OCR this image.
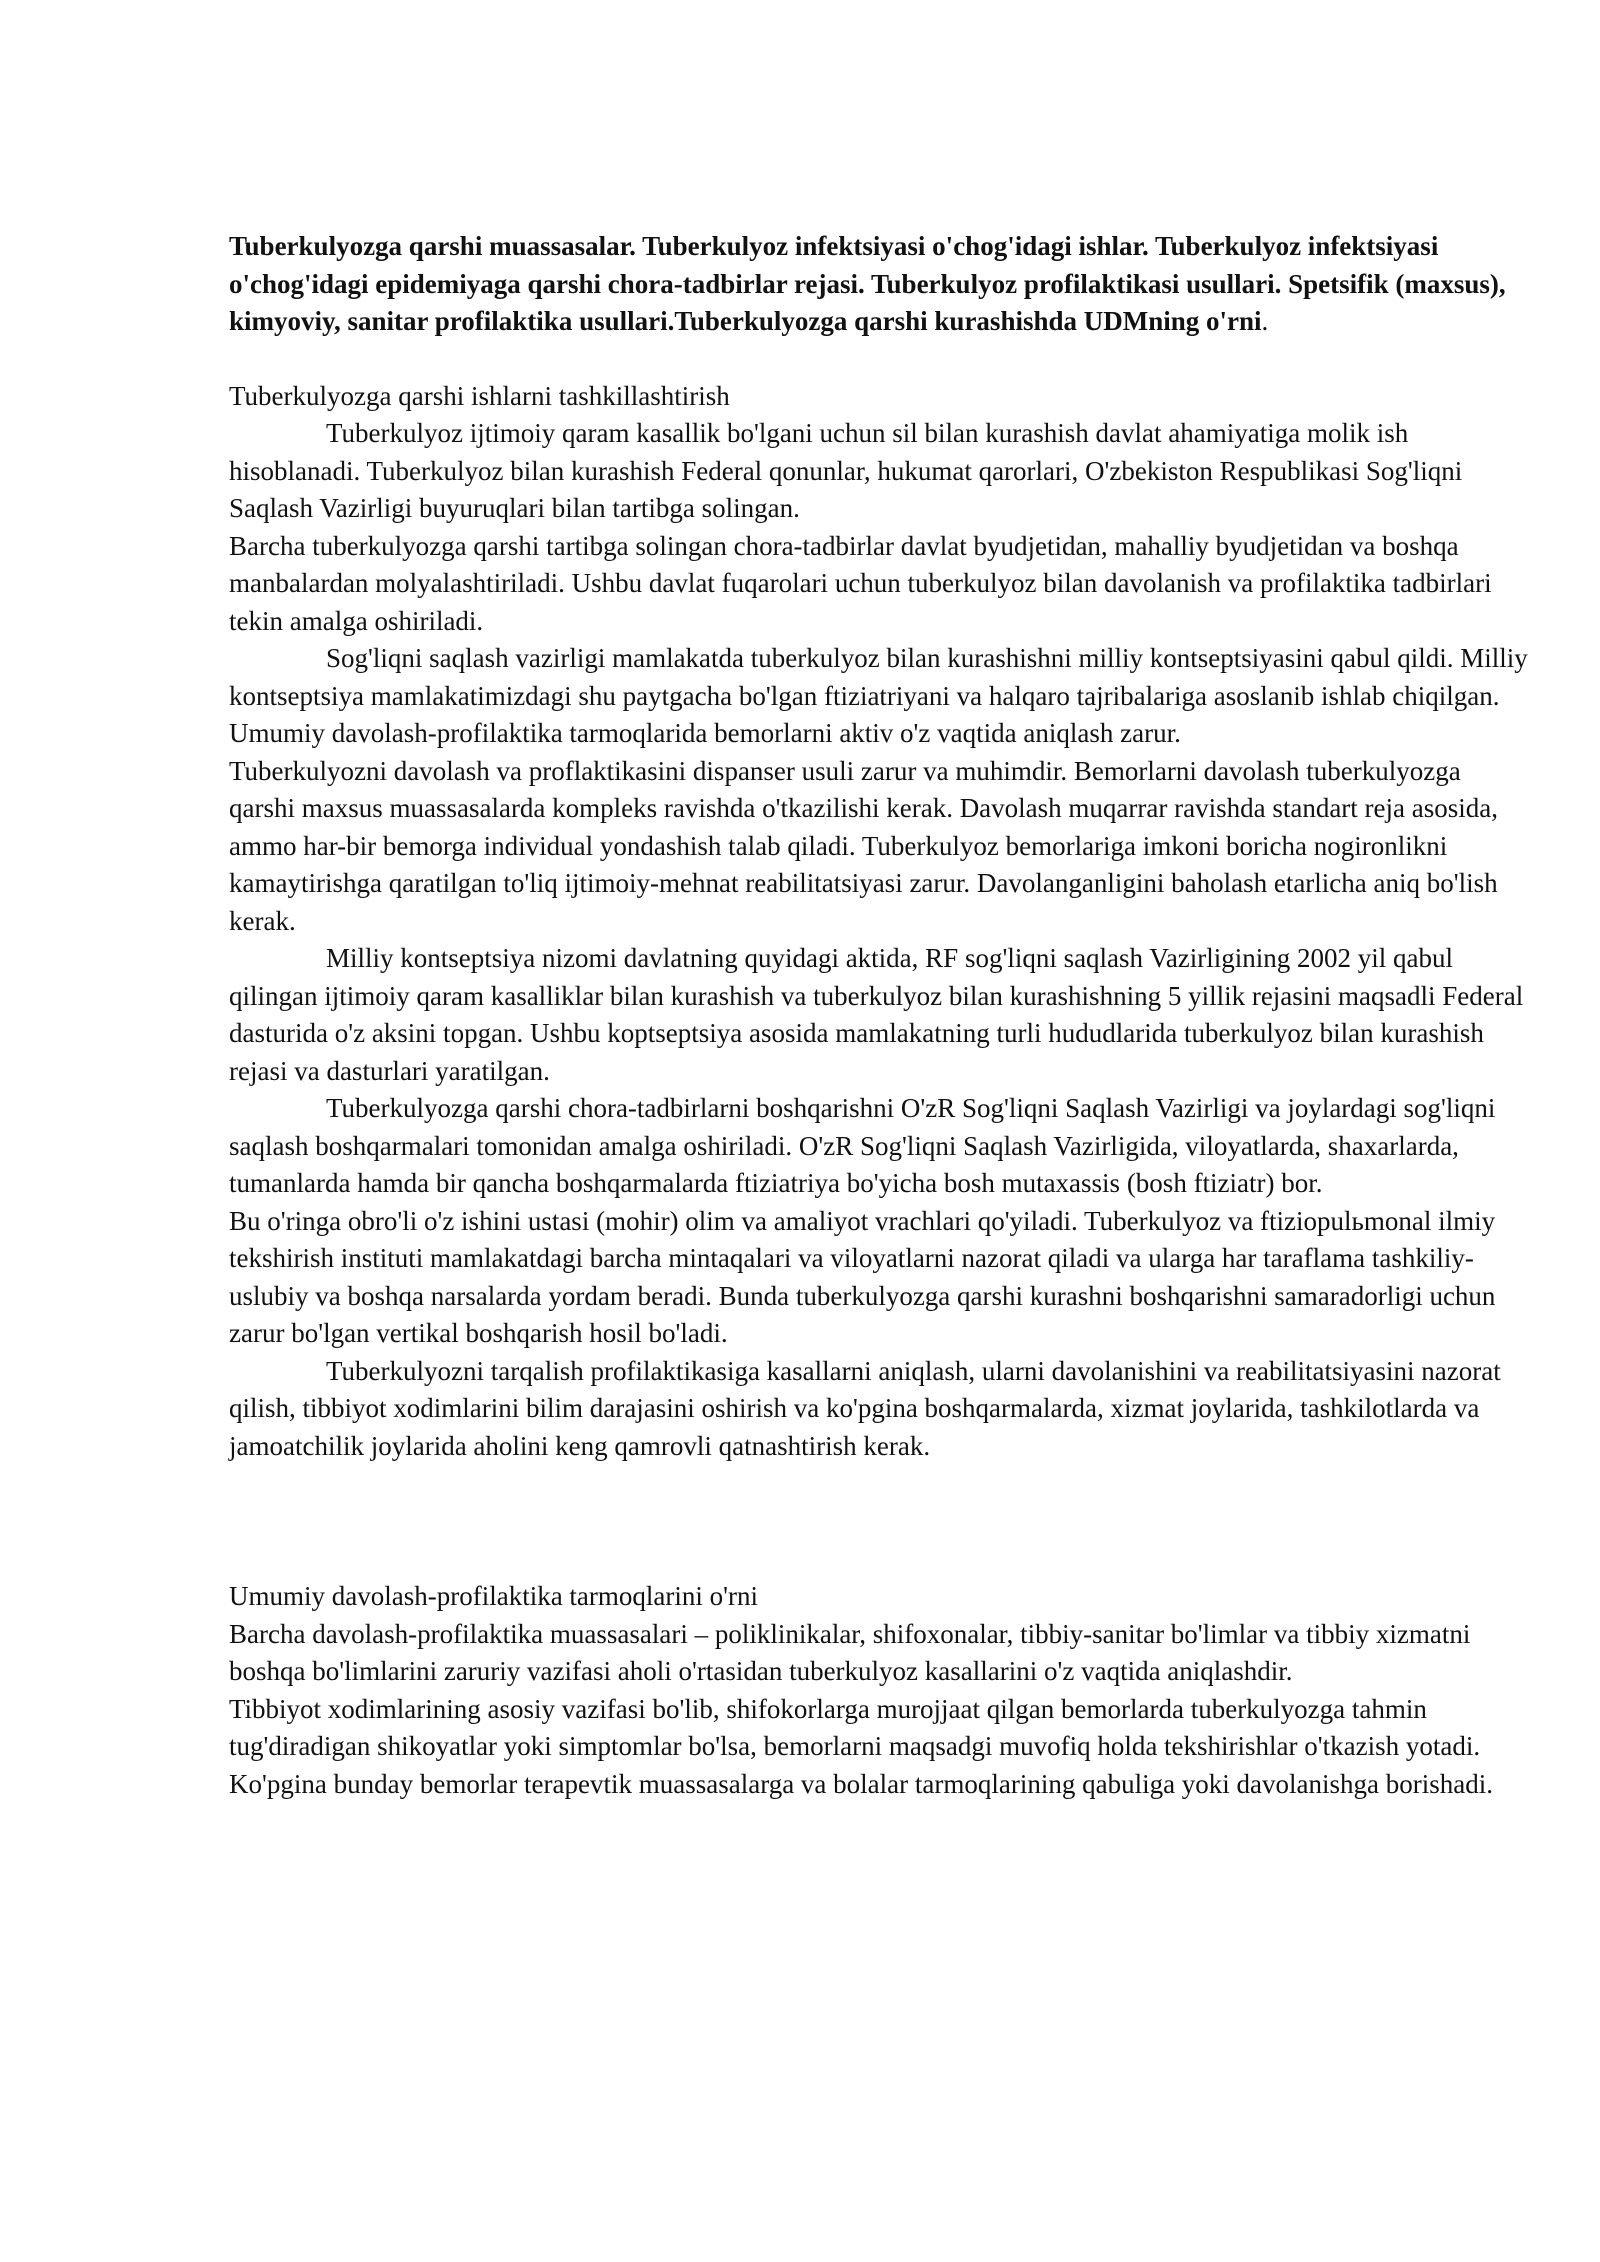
Tuberkulyozga qarshi muassasalar. Tuberkulyoz infektsiyasi o'chog'idagi ishlar. Tuberkulyoz infektsiyasi o'chog'idagi epidemiyaga qarshi chora-tadbirlar rejasi. Tuberkulyoz profilaktikasi usullari. Spetsifik (maxsus), kimyoviy, sanitar profilaktika usullari.Tuberkulyozga qarshi kurashishda UDMning o'rni.

Tuberkulyozga qarshi ishlarni tashkillashtirish

Tuberkulyoz ijtimoiy qaram kasallik bo'lgani uchun sil bilan kurashish davlat ahamiyatiga molik ish hisoblanadi. Tuberkulyoz bilan kurashish Federal qonunlar, hukumat qarorlari, O'zbekiston Respublikasi Sog'liqni Saqlash Vazirligi buyuruqlari bilan tartibga solingan.

Barcha tuberkulyozga qarshi tartibga solingan chora-tadbirlar davlat byudjetidan, mahalliy byudjetidan va boshqa manbalardan molyalashtiriladi. Ushbu davlat fuqarolari uchun tuberkulyoz bilan davolanish va profilaktika tadbirlari tekin amalga oshiriladi.

Sog'liqni saqlash vazirligi mamlakatda tuberkulyoz bilan kurashishni milliy kontseptsiyasini qabul qildi. Milliy kontseptsiya mamlakatimizdagi shu paytgacha bo'lgan ftiziatriyani va halqaro tajribalariga asoslanib ishlab chiqilgan. Umumiy davolash-profilaktika tarmoqlarida bemorlarni aktiv o'z vaqtida aniqlash zarur.

Tuberkulyozni davolash va proflaktikasini dispanser usuli zarur va muhimdir. Bemorlarni davolash tuberkulyozga qarshi maxsus muassasalarda kompleks ravishda o'tkazilishi kerak. Davolash muqarrar ravishda standart reja asosida, ammo har-bir bemorga individual yondashish talab qiladi. Tuberkulyoz bemorlariga imkoni boricha nogironlikni kamaytirishga qaratilgan to'liq ijtimoiy-mehnat reabilitatsiyasi zarur. Davolanganligini baholash etarlicha aniq bo'lish kerak.

Milliy kontseptsiya nizomi davlatning quyidagi aktida, RF sog'liqni saqlash Vazirligining 2002 yil qabul qilingan ijtimoiy qaram kasalliklar bilan kurashish va tuberkulyoz bilan kurashishning 5 yillik rejasini maqsadli Federal dasturida o'z aksini topgan. Ushbu koptseptsiya asosida mamlakatning turli hududlarida tuberkulyoz bilan kurashish rejasi va dasturlari yaratilgan.

Tuberkulyozga qarshi chora-tadbirlarni boshqarishni O'zR Sog'liqni Saqlash Vazirligi va joylardagi sog'liqni saqlash boshqarmalari tomonidan amalga oshiriladi. O'zR Sog'liqni Saqlash Vazirligida, viloyatlarda, shaxarlarda, tumanlarda hamda bir qancha boshqarmalarda ftiziatriya bo'yicha bosh mutaxassis (bosh ftiziatr) bor.

Bu o'ringa obro'li o'z ishini ustasi (mohir) olim va amaliyot vrachlari qo'yiladi. Tuberkulyoz va ftiziopulьmonal ilmiy tekshirish instituti mamlakatdagi barcha mintaqalari va viloyatlarni nazorat qiladi va ularga har taraflama tashkiliy-uslubiy va boshqa narsalarda yordam beradi. Bunda tuberkulyozga qarshi kurashni boshqarishni samaradorligi uchun zarur bo'lgan vertikal boshqarish hosil bo'ladi.

Tuberkulyozni tarqalish profilaktikasiga kasallarni aniqlash, ularni davolanishini va reabilitatsiyasini nazorat qilish, tibbiyot xodimlarini bilim darajasini oshirish va ko'pgina boshqarmalarda, xizmat joylarida, tashkilotlarda va jamoatchilik joylarida aholini keng qamrovli qatnashtirish kerak.

Umumiy davolash-profilaktika tarmoqlarini o'rni

Barcha davolash-profilaktika muassasalari – poliklinikalar, shifoxonalar, tibbiy-sanitar bo'limlar va tibbiy xizmatni boshqa bo'limlarini zaruriy vazifasi aholi o'rtasidan tuberkulyoz kasallarini o'z vaqtida aniqlashdir.

Tibbiyot xodimlarining asosiy vazifasi bo'lib, shifokorlarga murojjaat qilgan bemorlarda tuberkulyozga tahmin tug'diradigan shikoyatlar yoki simptomlar bo'lsa, bemorlarni maqsadgi muvofiq holda tekshirishlar o'tkazish yotadi. Ko'pgina bunday bemorlar terapevtik muassasalarga va bolalar tarmoqlarining qabuliga yoki davolanishga borishadi.
